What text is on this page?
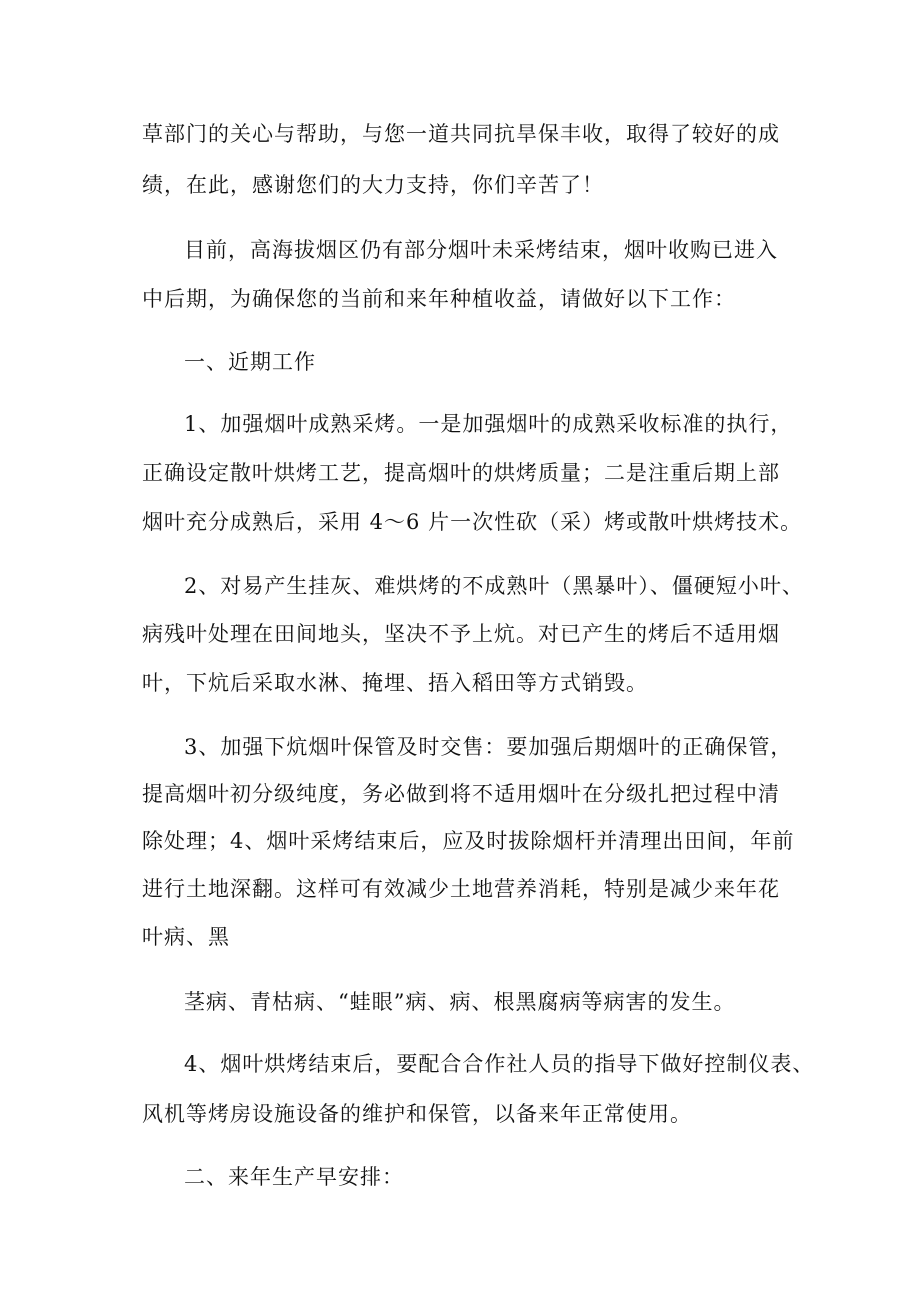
草部门的关心与帮助，与您一道共同抗旱保丰收，取得了较好的成
绩，在此，感谢您们的大力支持，你们辛苦了！
目前，高海拔烟区仍有部分烟叶未采烤结束，烟叶收购已进入
中后期，为确保您的当前和来年种植收益，请做好以下工作：
一、近期工作
1、加强烟叶成熟采烤。一是加强烟叶的成熟采收标准的执行，
正确设定散叶烘烤工艺，提高烟叶的烘烤质量；二是注重后期上部
烟叶充分成熟后，采用 4～6 片一次性砍（采）烤或散叶烘烤技术。
2、对易产生挂灰、难烘烤的不成熟叶（黑暴叶）、僵硬短小叶、
病残叶处理在田间地头，坚决不予上炕。对已产生的烤后不适用烟
叶，下炕后采取水淋、掩埋、捂入稻田等方式销毁。
3、加强下炕烟叶保管及时交售：要加强后期烟叶的正确保管，
提高烟叶初分级纯度，务必做到将不适用烟叶在分级扎把过程中清
除处理；4、烟叶采烤结束后，应及时拔除烟杆并清理出田间，年前
进行土地深翻。这样可有效减少土地营养消耗，特别是减少来年花
叶病、黑
茎病、青枯病、“蛙眼”病、病、根黑腐病等病害的发生。
4、烟叶烘烤结束后，要配合合作社人员的指导下做好控制仪表、
风机等烤房设施设备的维护和保管，以备来年正常使用。
二、来年生产早安排：
